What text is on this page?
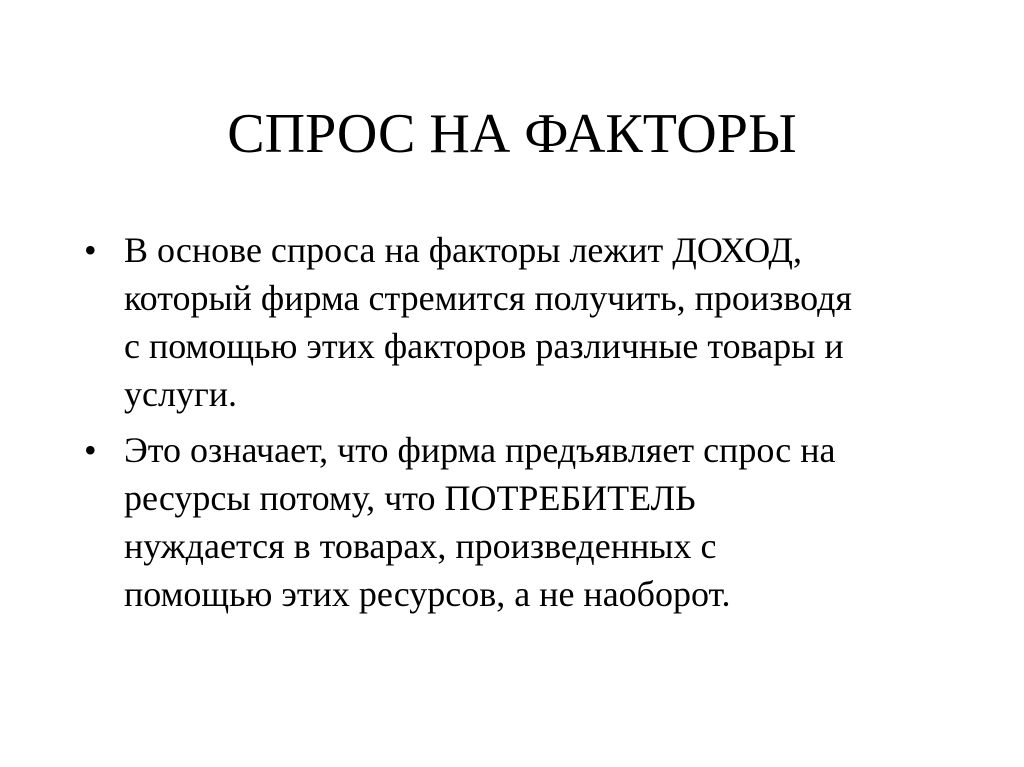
СПРОС НА ФАКТОРЫ
• В основе спроса на факторы лежит ДОХОД,
который фирма стремится получить, производя
с помощью этих факторов различные товары и
услуги.
• Это означает, что фирма предъявляет спрос на
ресурсы потому, что ПОТРЕБИТЕЛЬ
нуждается в товарах, произведенных с
помощью этих ресурсов, а не наоборот.
